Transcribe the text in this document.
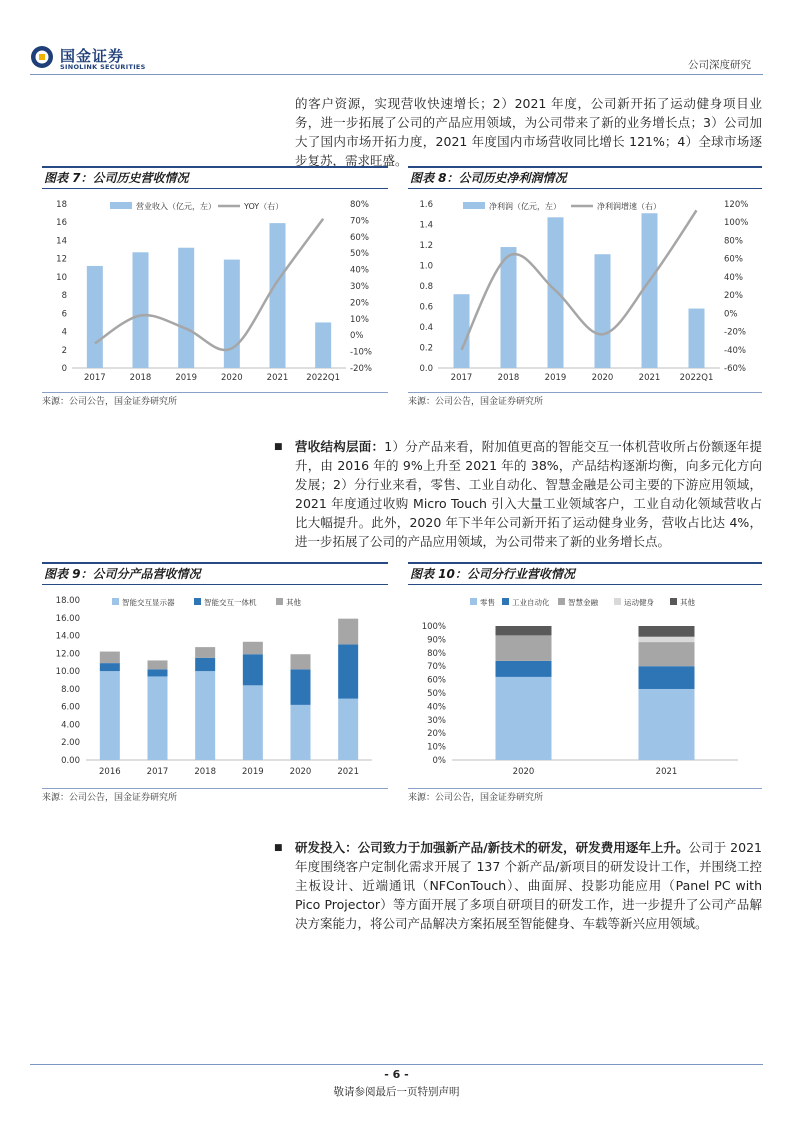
国金证券
SINOLINK SECURITIES	公司深度研究
的客户资源，实现营收快速增长；2）2021 年度，公司新开拓了运动健身项目业务，进一步拓展了公司的产品应用领域，为公司带来了新的业务增长点；3）公司加大了国内市场开拓力度，2021 年度国内市场营收同比增长 121%；4）全球市场逐步复苏，需求旺盛。
图表 7：公司历史营收情况
0
2
4
6
8
10
12
14
16
18
-20%
-10%
0%
10%
20%
30%
40%
50%
60%
70%
80%
2017	2018	2019	2020	2021 2022Q1
营业收入（亿元，左）	YOY（右）
来源：公司公告，国金证券研究所
图表 8：公司历史净利润情况
0.0
0.2
0.4
0.6
0.8
1.0
1.2
1.4
1.6
-60%
-40%
-20%
0%
20%
40%
60%
80%
100%
120%
2017	2018	2019	2020	2021 2022Q1
净利润（亿元，左）	净利润增速（右）
来源：公司公告，国金证券研究所
■ 营收结构层面：1）分产品来看，附加值更高的智能交互一体机营收所占份额逐年提升，由 2016 年的 9%上升至 2021 年的 38%，产品结构逐渐均衡，向多元化方向发展；2）分行业来看，零售、工业自动化、智慧金融是公司主要的下游应用领域，2021 年度通过收购 Micro Touch 引入大量工业领域客户，工业自动化领域营收占比大幅提升。此外，2020 年下半年公司新开拓了运动健身业务，营收占比达 4%，进一步拓展了公司的产品应用领域，为公司带来了新的业务增长点。
图表 9：公司分产品营收情况
0.00
2.00
4.00
6.00
8.00
10.00
12.00
14.00
16.00
18.00
2016	2017	2018	2019	2020	2021
智能交互显示器	智能交互一体机	其他
来源：公司公告，国金证券研究所
图表 10：公司分行业营收情况
0%
10%
20%
30%
40%
50%
60%
70%
80%
90%
100%
2020	2021
零售 工业自动化 智慧金融	运动健身	其他
来源：公司公告，国金证券研究所
■ 研发投入：公司致力于加强新产品/新技术的研发，研发费用逐年上升。公司于 2021 年度围绕客户定制化需求开展了 137 个新产品/新项目的研发设计工作，并围绕工控主板设计、近端通讯（NFConTouch）、曲面屏、投影功能应用（Panel PC with Pico Projector）等方面开展了多项自研项目的研发工作，进一步提升了公司产品解决方案能力，将公司产品解决方案拓展至智能健身、车载等新兴应用领域。
- 6 -
敬请参阅最后一页特别声明
